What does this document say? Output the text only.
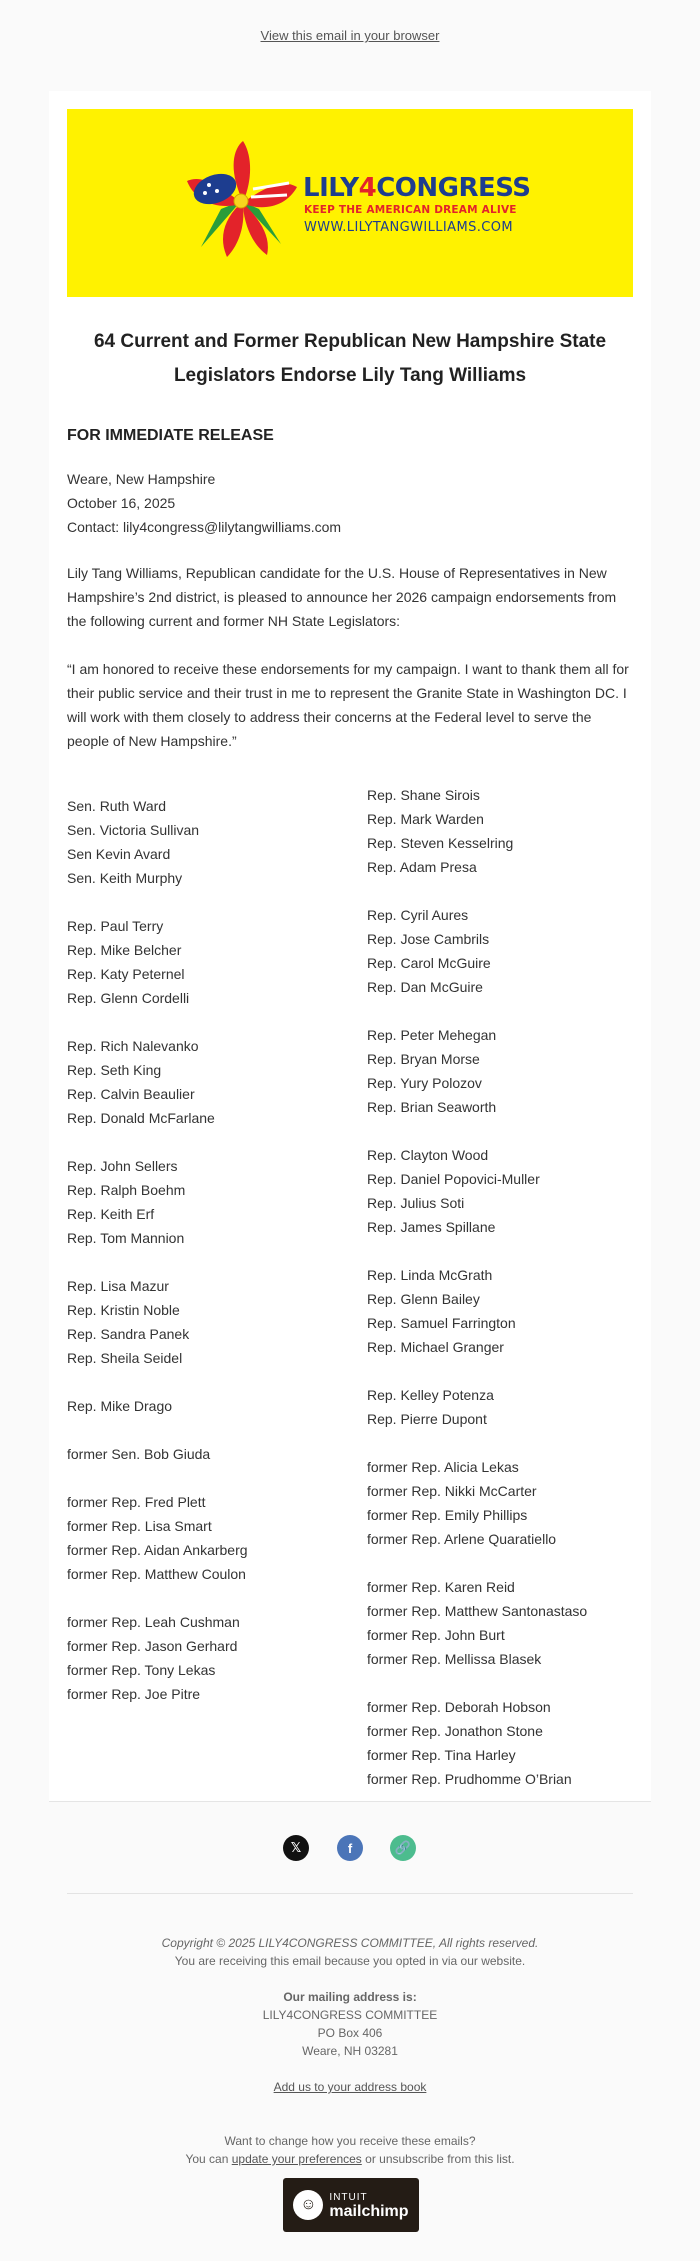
View this email in your browser
LILY4CONGRESS
KEEP THE AMERICAN DREAM ALIVE
WWW.LILYTANGWILLIAMS.COM
64 Current and Former Republican New Hampshire State Legislators Endorse Lily Tang Williams
FOR IMMEDIATE RELEASE
Weare, New Hampshire
October 16, 2025
Contact: lily4congress@lilytangwilliams.com

Lily Tang Williams, Republican candidate for the U.S. House of Representatives in New Hampshire’s 2nd district, is pleased to announce her 2026 campaign endorsements from the following current and former NH State Legislators:

“I am honored to receive these endorsements for my campaign. I want to thank them all for their public service and their trust in me to represent the Granite State in Washington DC. I will work with them closely to address their concerns at the Federal level to serve the people of New Hampshire.”

Sen. Ruth Ward
Sen. Victoria Sullivan
Sen Kevin Avard
Sen. Keith Murphy
Rep. Paul Terry
Rep. Mike Belcher
Rep. Katy Peternel
Rep. Glenn Cordelli
Rep. Rich Nalevanko
Rep. Seth King
Rep. Calvin Beaulier
Rep. Donald McFarlane
Rep. John Sellers
Rep. Ralph Boehm
Rep. Keith Erf
Rep. Tom Mannion
Rep. Lisa Mazur
Rep. Kristin Noble
Rep. Sandra Panek
Rep. Sheila Seidel
Rep. Mike Drago
former Sen. Bob Giuda
former Rep. Fred Plett
former Rep. Lisa Smart
former Rep. Aidan Ankarberg
former Rep. Matthew Coulon
former Rep. Leah Cushman
former Rep. Jason Gerhard
former Rep. Tony Lekas
former Rep. Joe Pitre
Rep. Shane Sirois
Rep. Mark Warden
Rep. Steven Kesselring
Rep. Adam Presa
Rep. Cyril Aures
Rep. Jose Cambrils
Rep. Carol McGuire
Rep. Dan McGuire
Rep. Peter Mehegan
Rep. Bryan Morse
Rep. Yury Polozov
Rep. Brian Seaworth
Rep. Clayton Wood
Rep. Daniel Popovici-Muller
Rep. Julius Soti
Rep. James Spillane
Rep. Linda McGrath
Rep. Glenn Bailey
Rep. Samuel Farrington
Rep. Michael Granger
Rep. Kelley Potenza
Rep. Pierre Dupont
former Rep. Alicia Lekas
former Rep. Nikki McCarter
former Rep. Emily Phillips
former Rep. Arlene Quaratiello
former Rep. Karen Reid
former Rep. Matthew Santonastaso
former Rep. John Burt
former Rep. Mellissa Blasek
former Rep. Deborah Hobson
former Rep. Jonathon Stone
former Rep. Tina Harley
former Rep. Prudhomme O’Brian
𝕏	f	🔗
Copyright © 2025 LILY4CONGRESS COMMITTEE, All rights reserved.
You are receiving this email because you opted in via our website.
Our mailing address is:
LILY4CONGRESS COMMITTEE
PO Box 406
Weare, NH 03281
Add us to your address book
Want to change how you receive these emails?
You can update your preferences or unsubscribe from this list.
☺	INTUIT
mailchimp
